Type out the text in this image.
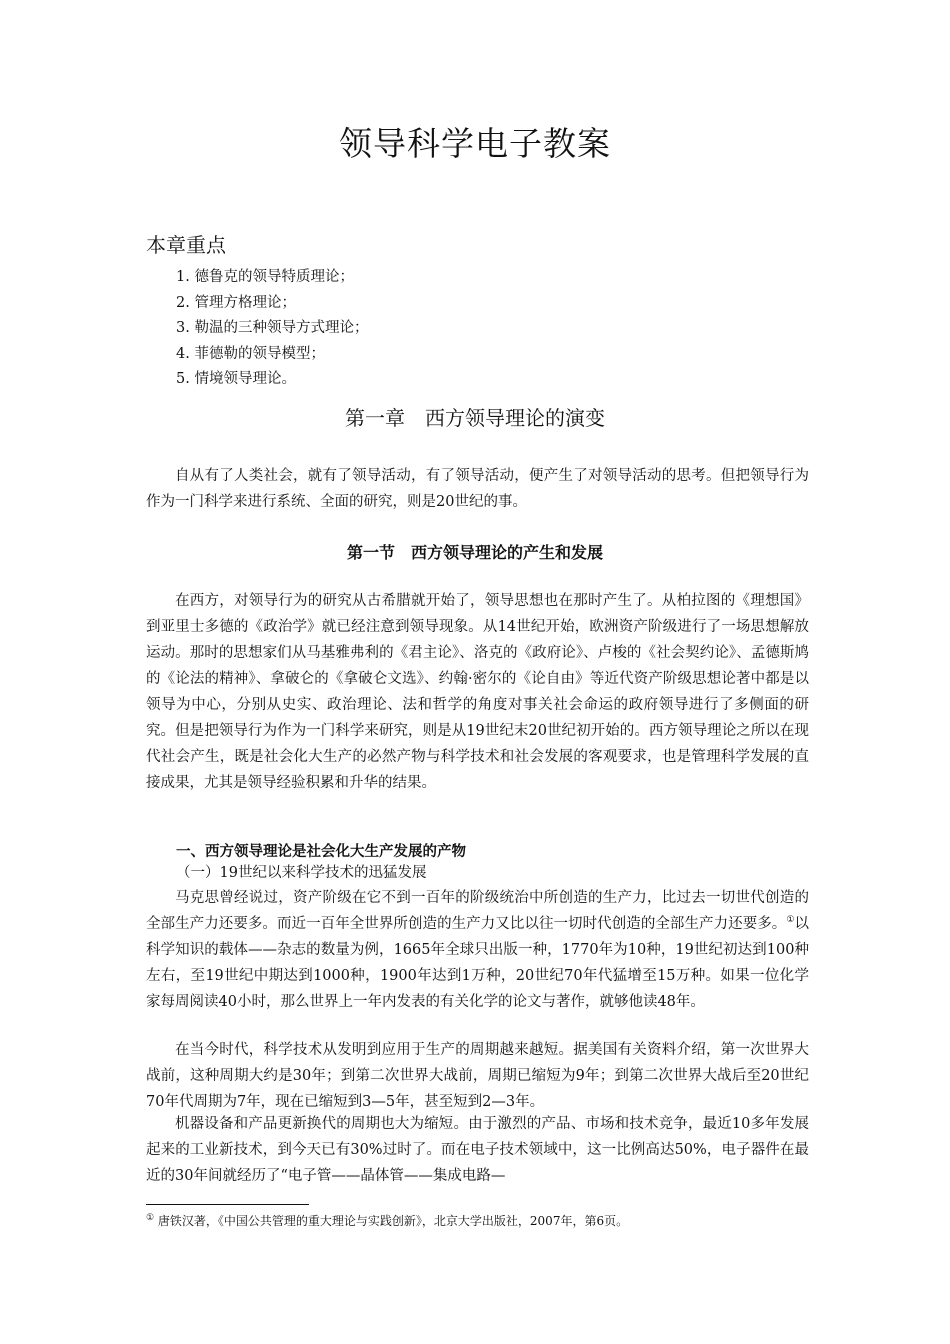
领导科学电子教案
本章重点
1. 德鲁克的领导特质理论；
2. 管理方格理论；
3. 勒温的三种领导方式理论；
4. 菲德勒的领导模型；
5. 情境领导理论。
第一章　西方领导理论的演变
自从有了人类社会，就有了领导活动，有了领导活动，便产生了对领导活动的思考。但把领导行为作为一门科学来进行系统、全面的研究，则是20世纪的事。
第一节　西方领导理论的产生和发展
在西方，对领导行为的研究从古希腊就开始了，领导思想也在那时产生了。从柏拉图的《理想国》到亚里士多德的《政治学》就已经注意到领导现象。从14世纪开始，欧洲资产阶级进行了一场思想解放运动。那时的思想家们从马基雅弗利的《君主论》、洛克的《政府论》、卢梭的《社会契约论》、孟德斯鸠的《论法的精神》、拿破仑的《拿破仑文选》、约翰·密尔的《论自由》等近代资产阶级思想论著中都是以领导为中心，分别从史实、政治理论、法和哲学的角度对事关社会命运的政府领导进行了多侧面的研究。但是把领导行为作为一门科学来研究，则是从19世纪末20世纪初开始的。西方领导理论之所以在现代社会产生，既是社会化大生产的必然产物与科学技术和社会发展的客观要求，也是管理科学发展的直接成果，尤其是领导经验积累和升华的结果。
一、西方领导理论是社会化大生产发展的产物
（一）19世纪以来科学技术的迅猛发展
马克思曾经说过，资产阶级在它不到一百年的阶级统治中所创造的生产力，比过去一切世代创造的全部生产力还要多。而近一百年全世界所创造的生产力又比以往一切时代创造的全部生产力还要多。①以科学知识的载体——杂志的数量为例，1665年全球只出版一种，1770年为10种，19世纪初达到100种左右，至19世纪中期达到1000种，1900年达到1万种，20世纪70年代猛增至15万种。如果一位化学家每周阅读40小时，那么世界上一年内发表的有关化学的论文与著作，就够他读48年。
在当今时代，科学技术从发明到应用于生产的周期越来越短。据美国有关资料介绍，第一次世界大战前，这种周期大约是30年；到第二次世界大战前，周期已缩短为9年；到第二次世界大战后至20世纪70年代周期为7年，现在已缩短到3—5年，甚至短到2—3年。
机器设备和产品更新换代的周期也大为缩短。由于激烈的产品、市场和技术竞争，最近10多年发展起来的工业新技术，到今天已有30%过时了。而在电子技术领域中，这一比例高达50%，电子器件在最近的30年间就经历了“电子管——晶体管——集成电路—
① 唐铁汉著，《中国公共管理的重大理论与实践创新》，北京大学出版社，2007年，第6页。
